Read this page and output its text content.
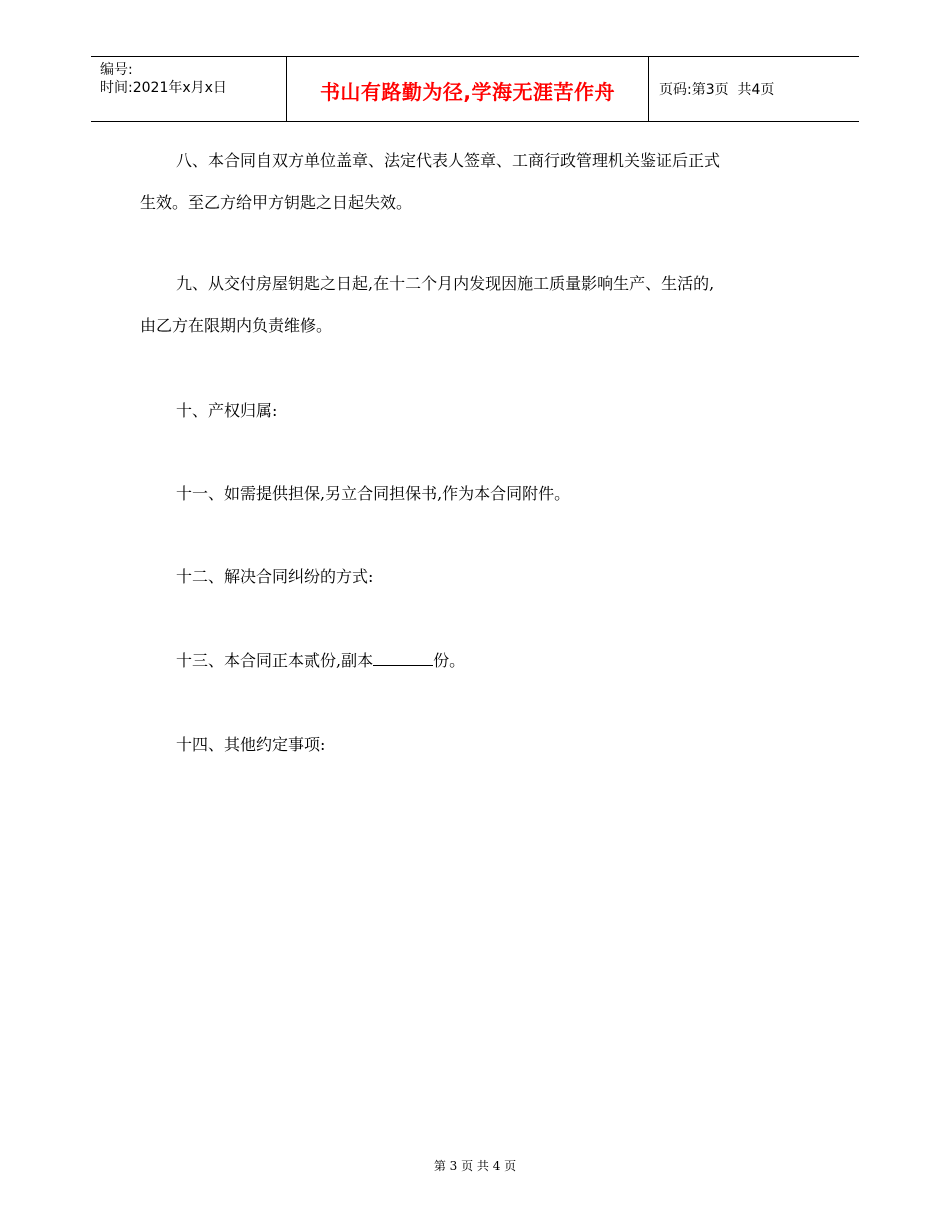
编号:
时间:2021年x月x日	书山有路勤为径,学海无涯苦作舟	页码:第3页  共4页
八、本合同自双方单位盖章、法定代表人签章、工商行政管理机关鉴证后正式
生效。至乙方给甲方钥匙之日起失效。
九、从交付房屋钥匙之日起,在十二个月内发现因施工质量影响生产、生活的,
由乙方在限期内负责维修。
十、产权归属:
十一、如需提供担保,另立合同担保书,作为本合同附件。
十二、解决合同纠纷的方式:
十三、本合同正本贰份,副本	份。
十四、其他约定事项:
第 3 页 共 4 页
